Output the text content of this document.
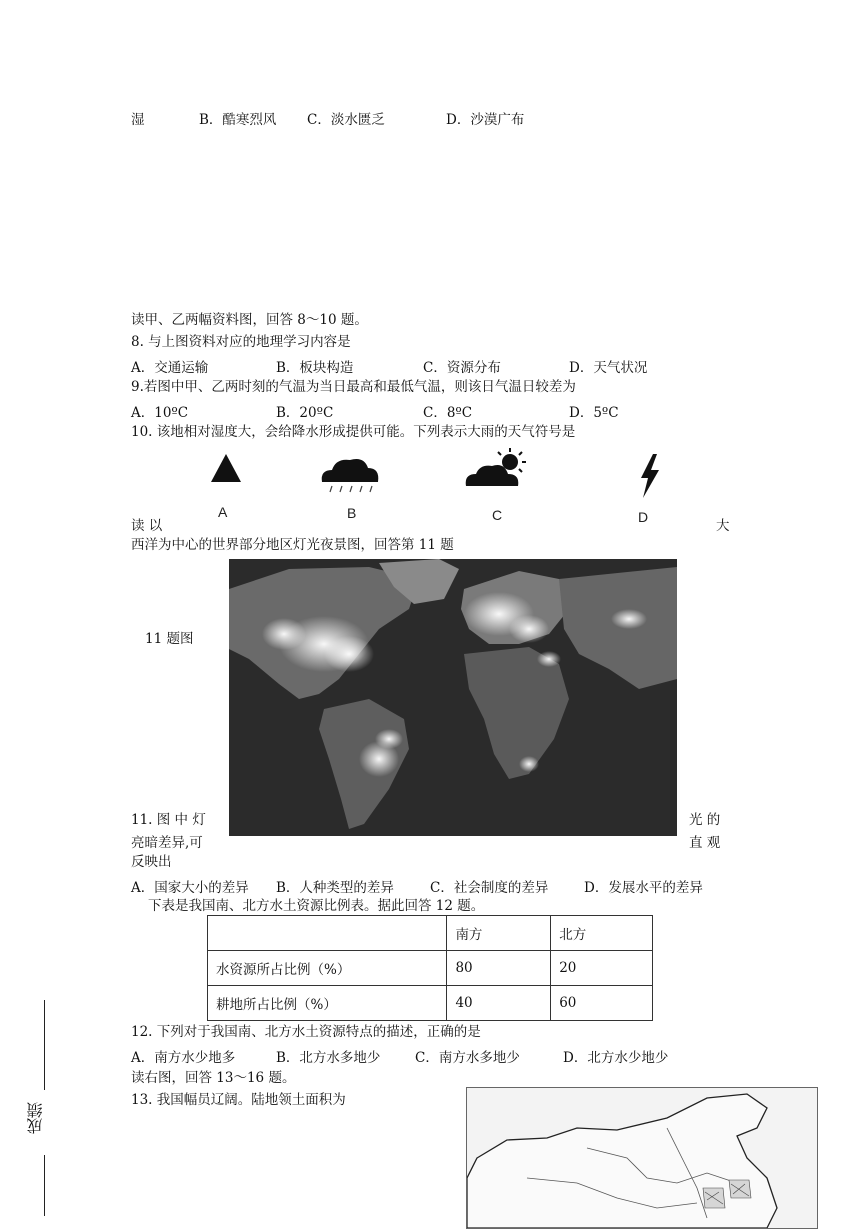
湿	B．酷寒烈风 C．淡水匮乏	D．沙漠广布
读甲、乙两幅资料图，回答 8～10 题。
8. 与上图资料对应的地理学习内容是
A．交通运输	B．板块构造	C．资源分布	D．天气状况
9.若图中甲、乙两时刻的气温为当日最高和最低气温，则该日气温日较差为
A．10ºC	B．20ºC	C．8ºC	D．5ºC
10. 该地相对湿度大，会给降水形成提供可能。下列表示大雨的天气符号是
A	B	C	D
读 以	大
西洋为中心的世界部分地区灯光夜景图，回答第 11 题
11 题图
11. 图 中 灯	光 的
亮暗差异,可	直 观
反映出
A．国家大小的差异 B．人种类型的差异	C．社会制度的差异	D．发展水平的差异
下表是我国南、北方水土资源比例表。据此回答 12 题。
	南方	北方
水资源所占比例（%）	80	20
耕地所占比例（%）	40	60
12. 下列对于我国南、北方水土资源特点的描述，正确的是
A．南方水少地多	B．北方水多地少	C．南方水多地少	D．北方水少地少
读右图，回答 13～16 题。
13. 我国幅员辽阔。陆地领土面积为
成绩
